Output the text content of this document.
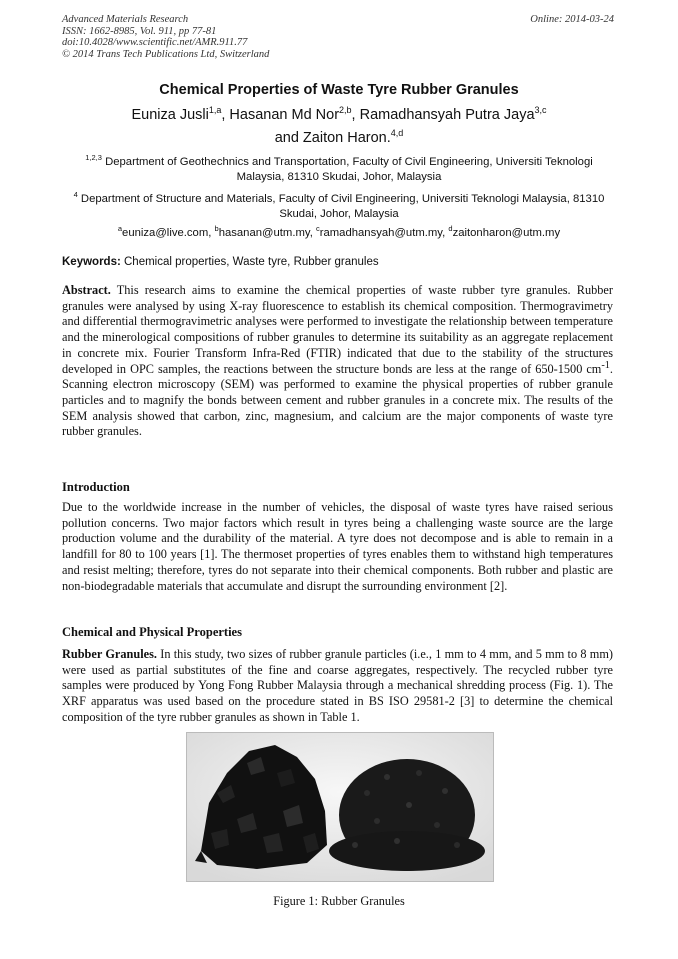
Advanced Materials Research
ISSN: 1662-8985, Vol. 911, pp 77-81
doi:10.4028/www.scientific.net/AMR.911.77
© 2014 Trans Tech Publications Ltd, Switzerland
Online: 2014-03-24
Chemical Properties of Waste Tyre Rubber Granules
Euniza Jusli$^{1,a}$, Hasanan Md Nor$^{2,b}$, Ramadhansyah Putra Jaya$^{3,c}$
and Zaiton Haron.$^{4,d}$
$^{1,2,3}$ Department of Geothechnics and Transportation, Faculty of Civil Engineering, Universiti Teknologi Malaysia, 81310 Skudai, Johor, Malaysia
$^4$ Department of Structure and Materials, Faculty of Civil Engineering, Universiti Teknologi Malaysia, 81310 Skudai, Johor, Malaysia
$^a$euniza@live.com, $^b$hasanan@utm.my, $^c$ramadhansyah@utm.my, $^d$zaitonharon@utm.my
Keywords: Chemical properties, Waste tyre, Rubber granules
Abstract. This research aims to examine the chemical properties of waste rubber tyre granules. Rubber granules were analysed by using X-ray fluorescence to establish its chemical composition. Thermogravimetry and differential thermogravimetric analyses were performed to investigate the relationship between temperature and the minerological compositions of rubber granules to determine its suitability as an aggregate replacement in concrete mix. Fourier Transform Infra-Red (FTIR) indicated that due to the stability of the structures developed in OPC samples, the reactions between the structure bonds are less at the range of 650-1500 $cm^{-1}$. Scanning electron microscopy (SEM) was performed to examine the physical properties of rubber granule particles and to magnify the bonds between cement and rubber granules in a concrete mix. The results of the SEM analysis showed that carbon, zinc, magnesium, and calcium are the major components of waste tyre rubber granules.
Introduction
Due to the worldwide increase in the number of vehicles, the disposal of waste tyres have raised serious pollution concerns. Two major factors which result in tyres being a challenging waste source are the large production volume and the durability of the material. A tyre does not decompose and is able to remain in a landfill for 80 to 100 years [1]. The thermoset properties of tyres enables them to withstand high temperatures and resist melting; therefore, tyres do not separate into their chemical components. Both rubber and plastic are non-biodegradable materials that accumulate and disrupt the surrounding environment [2].
Chemical and Physical Properties
Rubber Granules. In this study, two sizes of rubber granule particles (i.e., 1 mm to 4 mm, and 5 mm to 8 mm) were used as partial substitutes of the fine and coarse aggregates, respectively. The recycled rubber tyre samples were produced by Yong Fong Rubber Malaysia through a mechanical shredding process (Fig. 1). The XRF apparatus was used based on the procedure stated in BS ISO 29581-2 [3] to determine the chemical composition of the tyre rubber granules as shown in Table 1.
Figure 1: Rubber Granules
